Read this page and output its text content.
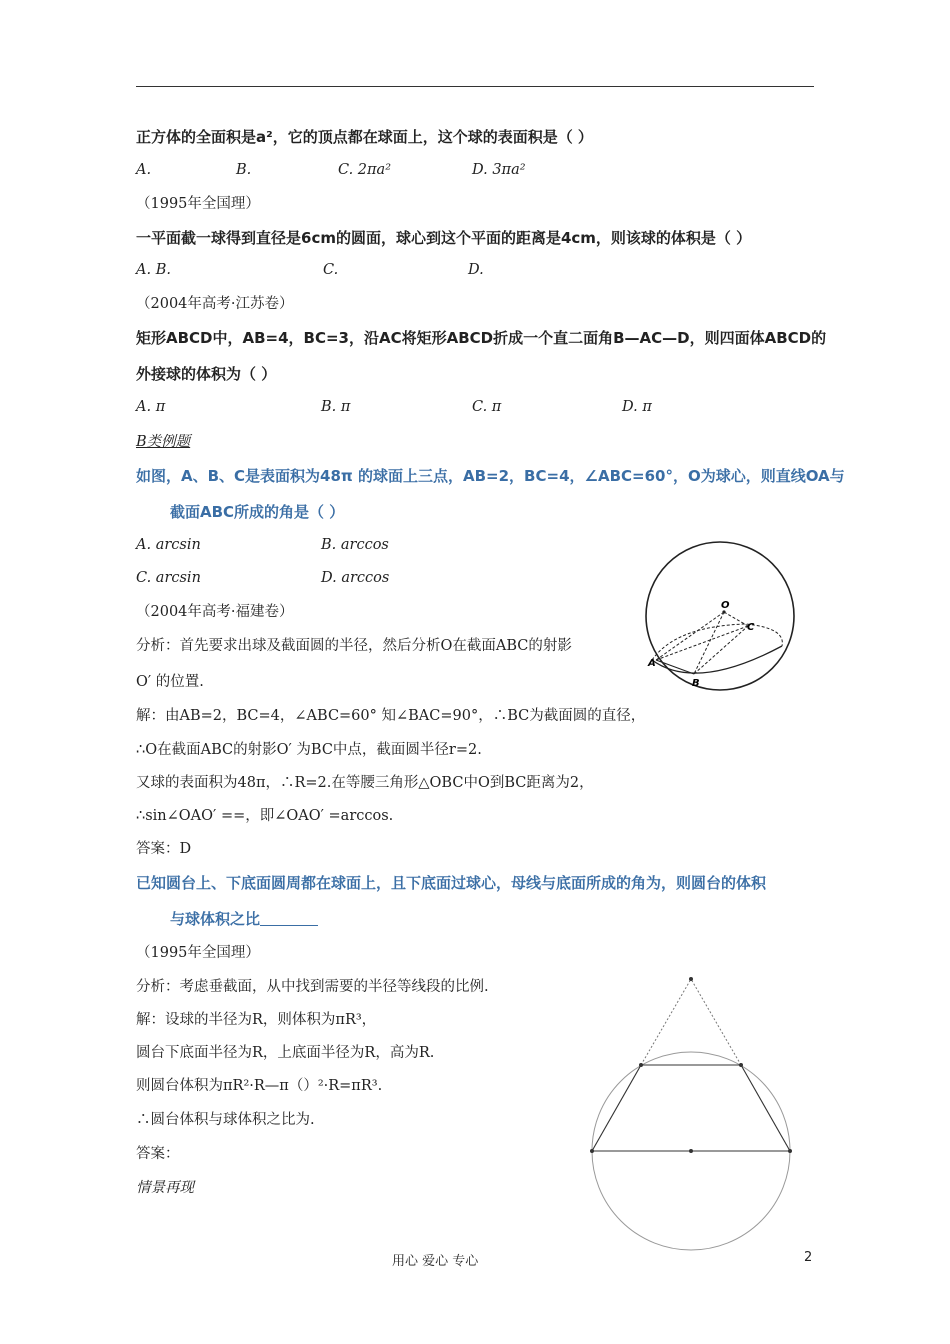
正方体的全面积是a²，它的顶点都在球面上，这个球的表面积是（ ）
A.	B.	C. 2πa²	D. 3πa²
（1995年全国理）
一平面截一球得到直径是6cm的圆面，球心到这个平面的距离是4cm，则该球的体积是（ ）
A. B.	C.	D.
（2004年高考·江苏卷）
矩形ABCD中，AB=4，BC=3，沿AC将矩形ABCD折成一个直二面角B—AC—D，则四面体ABCD的
外接球的体积为（ ）
A. π	B. π	C. π	D. π
B类例题
如图，A、B、C是表面积为48π 的球面上三点，AB=2，BC=4，∠ABC=60°，O为球心，则直线OA与
截面ABC所成的角是（ ）
A. arcsin	B. arccos
C. arcsin	D. arccos
（2004年高考·福建卷）
分析：首先要求出球及截面圆的半径，然后分析O在截面ABC的射影
O′ 的位置.
解：由AB=2，BC=4，∠ABC=60° 知∠BAC=90°，∴BC为截面圆的直径，
∴O在截面ABC的射影O′ 为BC中点，截面圆半径r=2.
又球的表面积为48π，∴R=2.在等腰三角形△OBC中O到BC距离为2，
∴sin∠OAO′ ==，即∠OAO′ =arccos.
答案：D
O
A
B
C
已知圆台上、下底面圆周都在球面上，且下底面过球心，母线与底面所成的角为，则圆台的体积
与球体积之比
（1995年全国理）
分析：考虑垂截面，从中找到需要的半径等线段的比例.
解：设球的半径为R，则体积为πR³，
圆台下底面半径为R，上底面半径为R，高为R.
则圆台体积为πR²·R—π（）²·R=πR³.
∴圆台体积与球体积之比为.
答案：
情景再现
用心 爱心 专心	2
